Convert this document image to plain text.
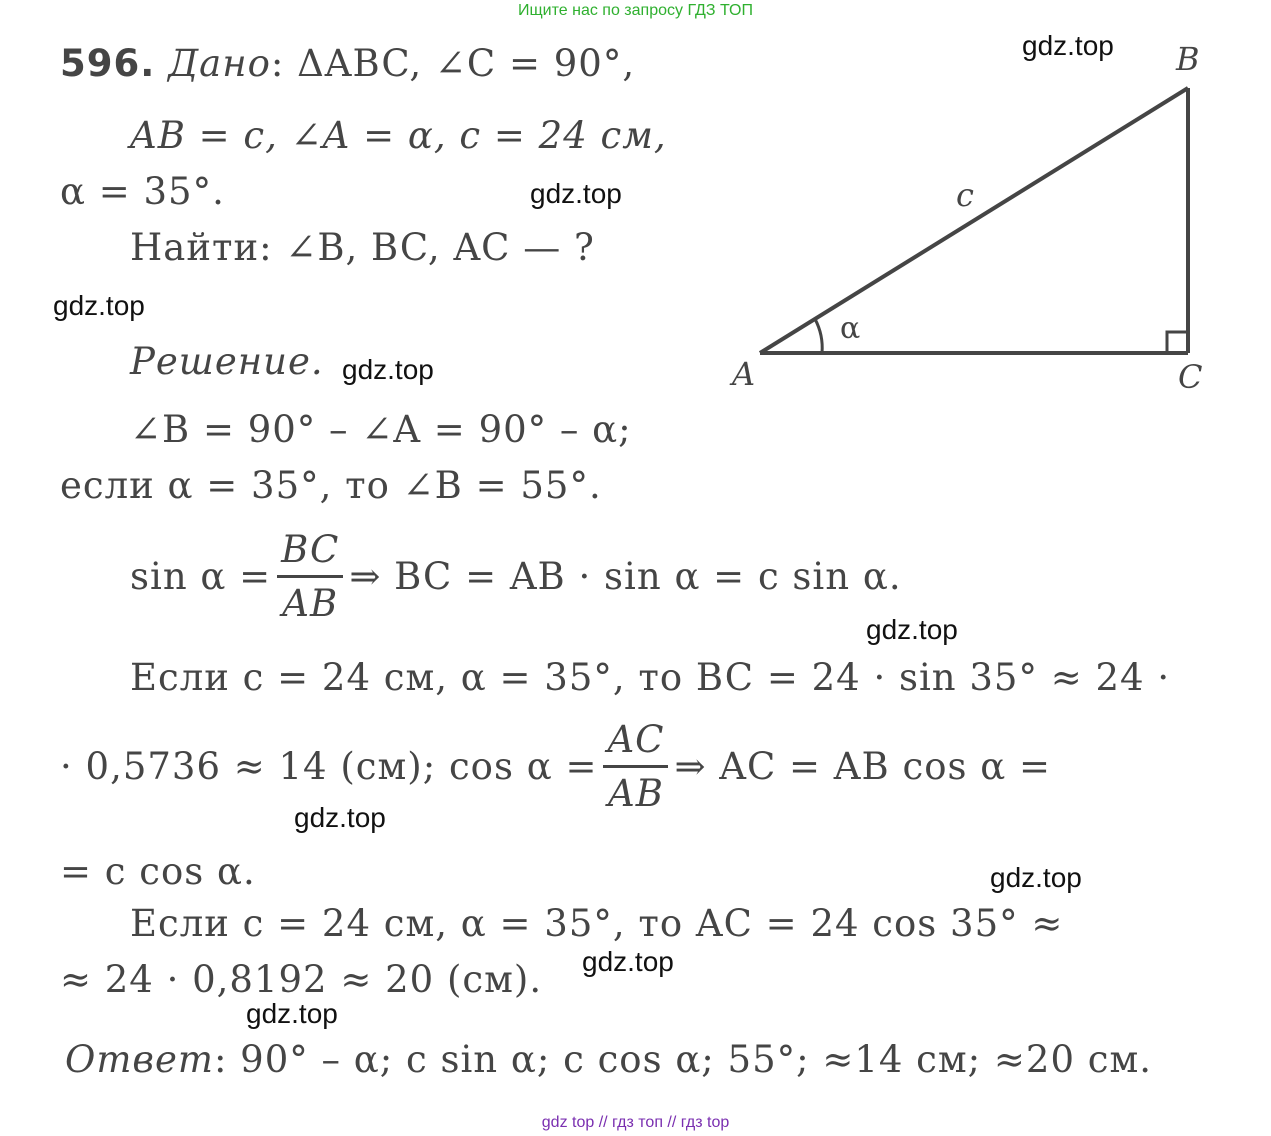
Ищите нас по запросу ГДЗ ТОП
596. Дано: ΔABC, ∠C = 90°,
AB = c, ∠A = α, c = 24 см,
α = 35°.
Найти: ∠B, BC, AC — ?
Решение.
∠B = 90° – ∠A = 90° – α;
если α = 35°, то ∠B = 55°.
$\sin \alpha = \frac{BC}{AB}$ ⇒ BC = AB · sin α = c sin α.
Если c = 24 см, α = 35°, то BC = 24 · sin 35° ≈ 24 ·
· 0,5736 ≈ 14 (см); $\cos \alpha = \frac{AC}{AB}$ ⇒ AC = AB cos α =
= c cos α.
Если c = 24 см, α = 35°, то AC = 24 cos 35° ≈
≈ 24 · 0,8192 ≈ 20 (см).
Ответ: 90° – α; c sin α; c cos α; 55°; ≈14 см; ≈20 см.
A
B
C
c
α
gdz.top
gdz.top
gdz.top
gdz.top
gdz.top
gdz.top
gdz.top
gdz.top
gdz.top
gdz top // гдз топ // гдз top
